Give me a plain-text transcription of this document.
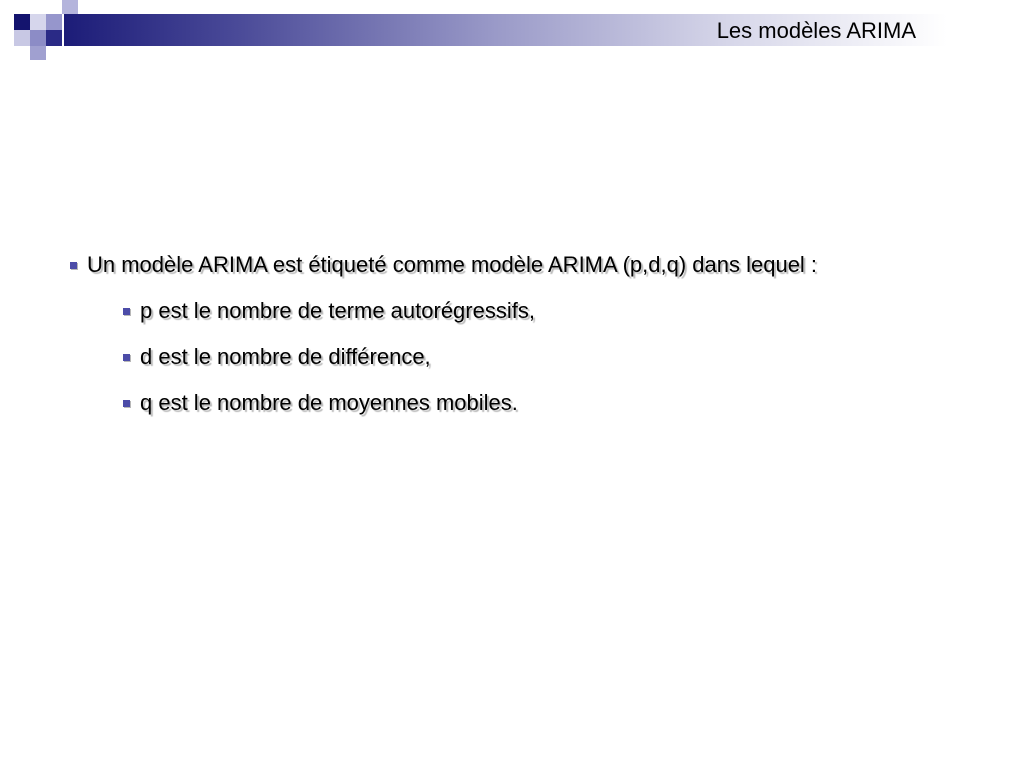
Les modèles ARIMA
Un modèle ARIMA est étiqueté comme modèle ARIMA (p,d,q) dans lequel :
p est le nombre de terme autorégressifs,
d est le nombre de différence,
q est le nombre de moyennes mobiles.
